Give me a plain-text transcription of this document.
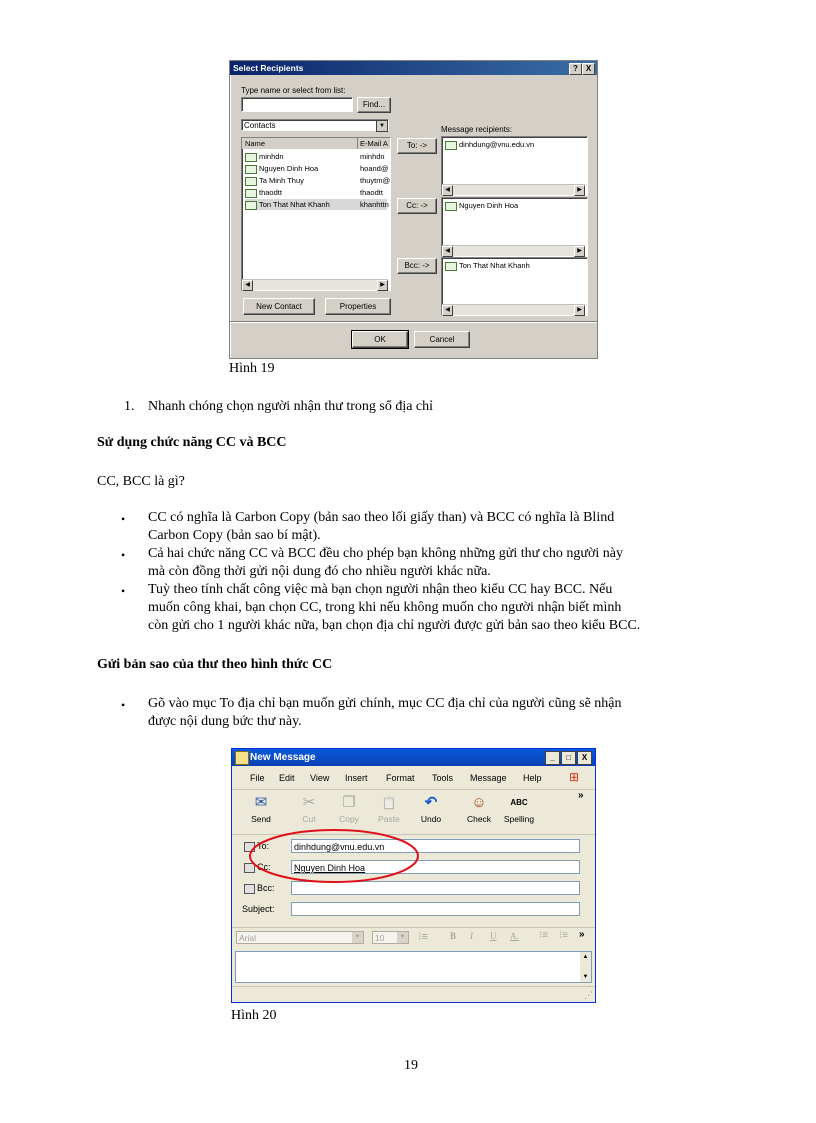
Select Recipients	? X
Type name or select from list:
Find...
Contacts	▼
Name	E-Mail A
minhdn	minhdn
Nguyen Dinh Hoa	hoand@
Ta Minh Thuy	thuytm@
thaodtt	thaodtt
Ton That Nhat Khanh	khanhttn
◀	▶
To: ->
Cc: ->
Bcc: ->
Message recipients:
dinhdung@vnu.edu.vn
◀	▶
Nguyen Dinh Hoa
◀	▶
Ton That Nhat Khanh
◀	▶
New Contact	Properties
OK	Cancel
Hình 19
1. Nhanh chóng chọn người nhận thư trong sổ địa chỉ
Sử dụng chức năng CC và BCC
CC, BCC là gì?
• CC có nghĩa là Carbon Copy (bản sao theo lối giấy than) và BCC có nghĩa là Blind
Carbon Copy (bản sao bí mật).
• Cả hai chức năng CC và BCC đều cho phép bạn không những gửi thư cho người này
mà còn đồng thời gửi nội dung đó cho nhiều người khác nữa.
• Tuỳ theo tính chất công việc mà bạn chọn người nhận theo kiểu CC hay BCC. Nếu
muốn công khai, bạn chọn CC, trong khi nếu không muốn cho người nhận biết mình
còn gửi cho 1 người khác nữa, bạn chọn địa chỉ người được gửi bản sao theo kiểu BCC.
Gửi bản sao của thư theo hình thức CC
• Gõ vào mục To địa chỉ bạn muốn gửi chính, mục CC địa chỉ của người cũng sẽ nhận
được nội dung bức thư này.
New Message	_	□	X
File Edit View Insert Format Tools Message Help ⊞
✉
Send
✂
Cut
❐
Copy
📋
Paste
↶
Undo
☺
Check
ABC
Spelling
»
To:	dinhdung@vnu.edu.vn
Cc:	Nguyen Dinh Hoa
Bcc:
Subject:
Arial	▼	10	▼ ⁝≡ B I U A. ⁝≡ ⁝≡ »
▲
▼
⋰
Hình 20
19
